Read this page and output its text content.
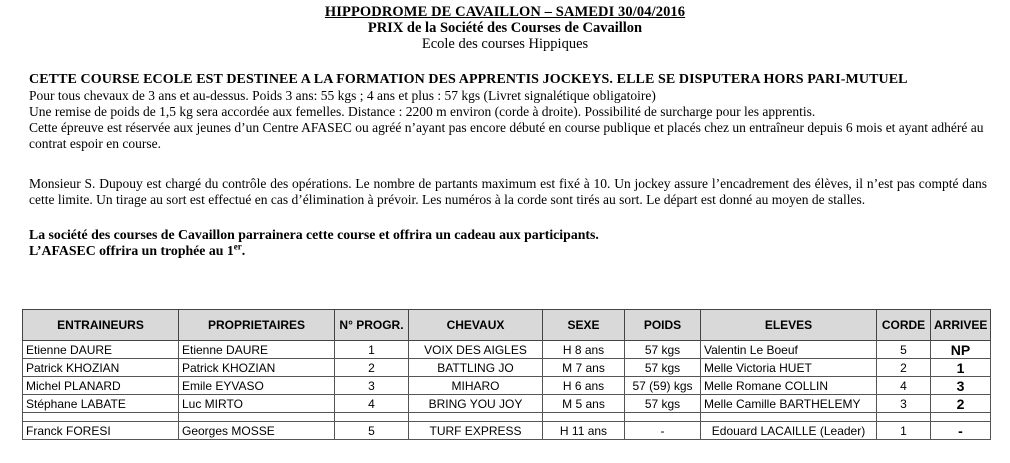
HIPPODROME DE CAVAILLON – SAMEDI 30/04/2016
PRIX de la Société des Courses de Cavaillon
Ecole des courses Hippiques

CETTE COURSE ECOLE EST DESTINEE A LA FORMATION DES APPRENTIS JOCKEYS. ELLE SE DISPUTERA HORS PARI-MUTUEL

Pour tous chevaux de 3 ans et au-dessus. Poids 3 ans: 55 kgs ; 4 ans et plus : 57 kgs (Livret signalétique obligatoire)

Une remise de poids de 1,5 kg sera accordée aux femelles. Distance : 2200 m environ (corde à droite). Possibilité de surcharge pour les apprentis.

Cette épreuve est réservée aux jeunes d’un Centre AFASEC ou agréé n’ayant pas encore débuté en course publique et placés chez un entraîneur depuis 6 mois et ayant adhéré au contrat espoir en course.

Monsieur S. Dupouy est chargé du contrôle des opérations. Le nombre de partants maximum est fixé à 10. Un jockey assure l’encadrement des élèves, il n’est pas compté dans cette limite. Un tirage au sort est effectué en cas d’élimination à prévoir. Les numéros à la corde sont tirés au sort. Le départ est donné au moyen de stalles.

La société des courses de Cavaillon parrainera cette course et offrira un cadeau aux participants.

L’AFASEC offrira un trophée au 1er.

ENTRAINEURS	PROPRIETAIRES	N° PROGR.	CHEVAUX	SEXE	POIDS	ELEVES	CORDE	ARRIVEE
Etienne DAURE	Etienne DAURE	1	VOIX DES AIGLES	H 8 ans	57 kgs	Valentin Le Boeuf	5	NP
Patrick KHOZIAN	Patrick KHOZIAN	2	BATTLING JO	M 7 ans	57 kgs	Melle Victoria HUET	2	1
Michel PLANARD	Emile EYVASO	3	MIHARO	H 6 ans	57 (59) kgs	Melle Romane COLLIN	4	3
Stéphane LABATE	Luc MIRTO	4	BRING YOU JOY	M 5 ans	57 kgs	Melle Camille BARTHELEMY	3	2

Franck FORESI	Georges MOSSE	5	TURF EXPRESS	H 11 ans	-	Edouard LACAILLE (Leader)	1	-
